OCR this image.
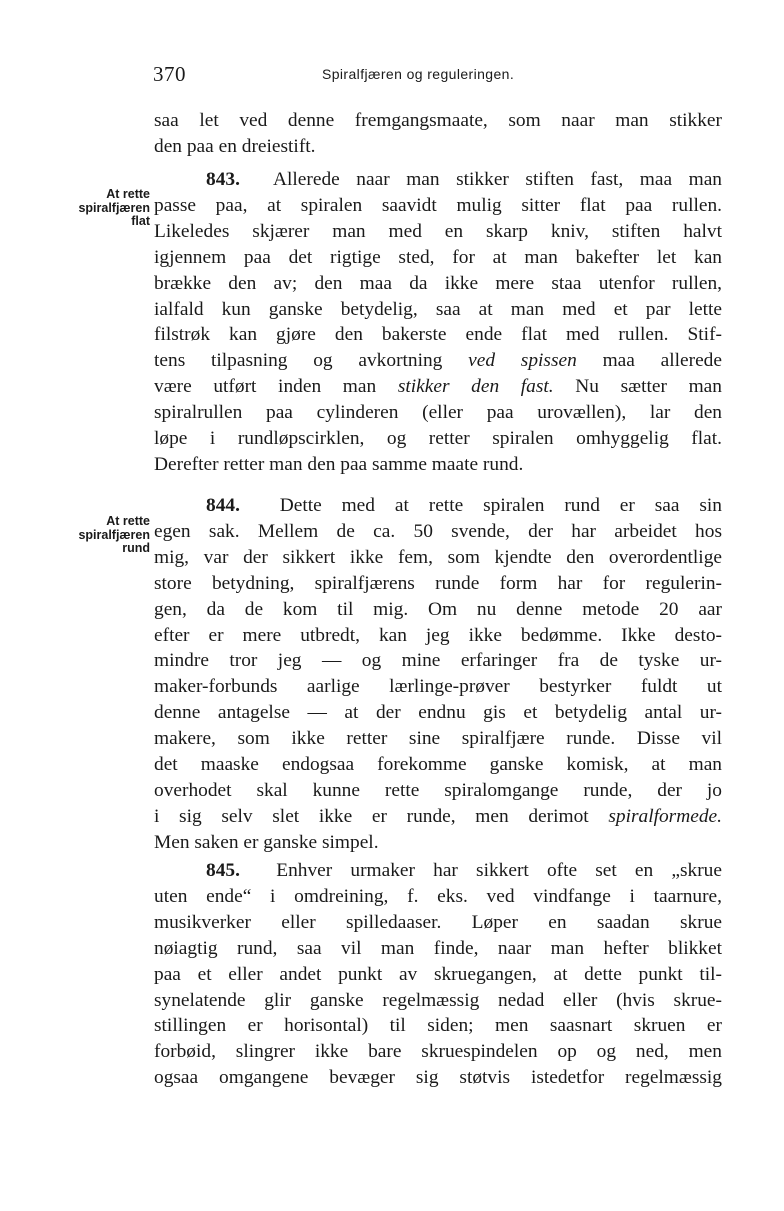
370	Spiralfjæren og reguleringen.
saa let ved denne fremgangsmaate, som naar man stikker
den paa en dreiestift.
At rette
spiralfjæren
flat
843. Allerede naar man stikker stiften fast, maa man
passe paa, at spiralen saavidt mulig sitter flat paa rullen.
Likeledes skjærer man med en skarp kniv, stiften halvt
igjennem paa det rigtige sted, for at man bakefter let kan
brække den av; den maa da ikke mere staa utenfor rullen,
ialfald kun ganske betydelig, saa at man med et par lette
filstrøk kan gjøre den bakerste ende flat med rullen. Stif-
tens tilpasning og avkortning ved spissen maa allerede
være utført inden man stikker den fast. Nu sætter man
spiralrullen paa cylinderen (eller paa urovællen), lar den
løpe i rundløpscirklen, og retter spiralen omhyggelig flat.
Derefter retter man den paa samme maate rund.
At rette
spiralfjæren
rund
844. Dette med at rette spiralen rund er saa sin
egen sak. Mellem de ca. 50 svende, der har arbeidet hos
mig, var der sikkert ikke fem, som kjendte den overordentlige
store betydning, spiralfjærens runde form har for regulerin-
gen, da de kom til mig. Om nu denne metode 20 aar
efter er mere utbredt, kan jeg ikke bedømme. Ikke desto-
mindre tror jeg — og mine erfaringer fra de tyske ur-
maker-forbunds aarlige lærlinge-prøver bestyrker fuldt ut
denne antagelse — at der endnu gis et betydelig antal ur-
makere, som ikke retter sine spiralfjære runde. Disse vil
det maaske endogsaa forekomme ganske komisk, at man
overhodet skal kunne rette spiralomgange runde, der jo
i sig selv slet ikke er runde, men derimot spiralformede.
Men saken er ganske simpel.
845. Enhver urmaker har sikkert ofte set en „skrue
uten ende“ i omdreining, f. eks. ved vindfange i taarnure,
musikverker eller spilledaaser. Løper en saadan skrue
nøiagtig rund, saa vil man finde, naar man hefter blikket
paa et eller andet punkt av skruegangen, at dette punkt til-
synelatende glir ganske regelmæssig nedad eller (hvis skrue-
stillingen er horisontal) til siden; men saasnart skruen er
forbøid, slingrer ikke bare skruespindelen op og ned, men
ogsaa omgangene bevæger sig støtvis istedetfor regelmæssig
